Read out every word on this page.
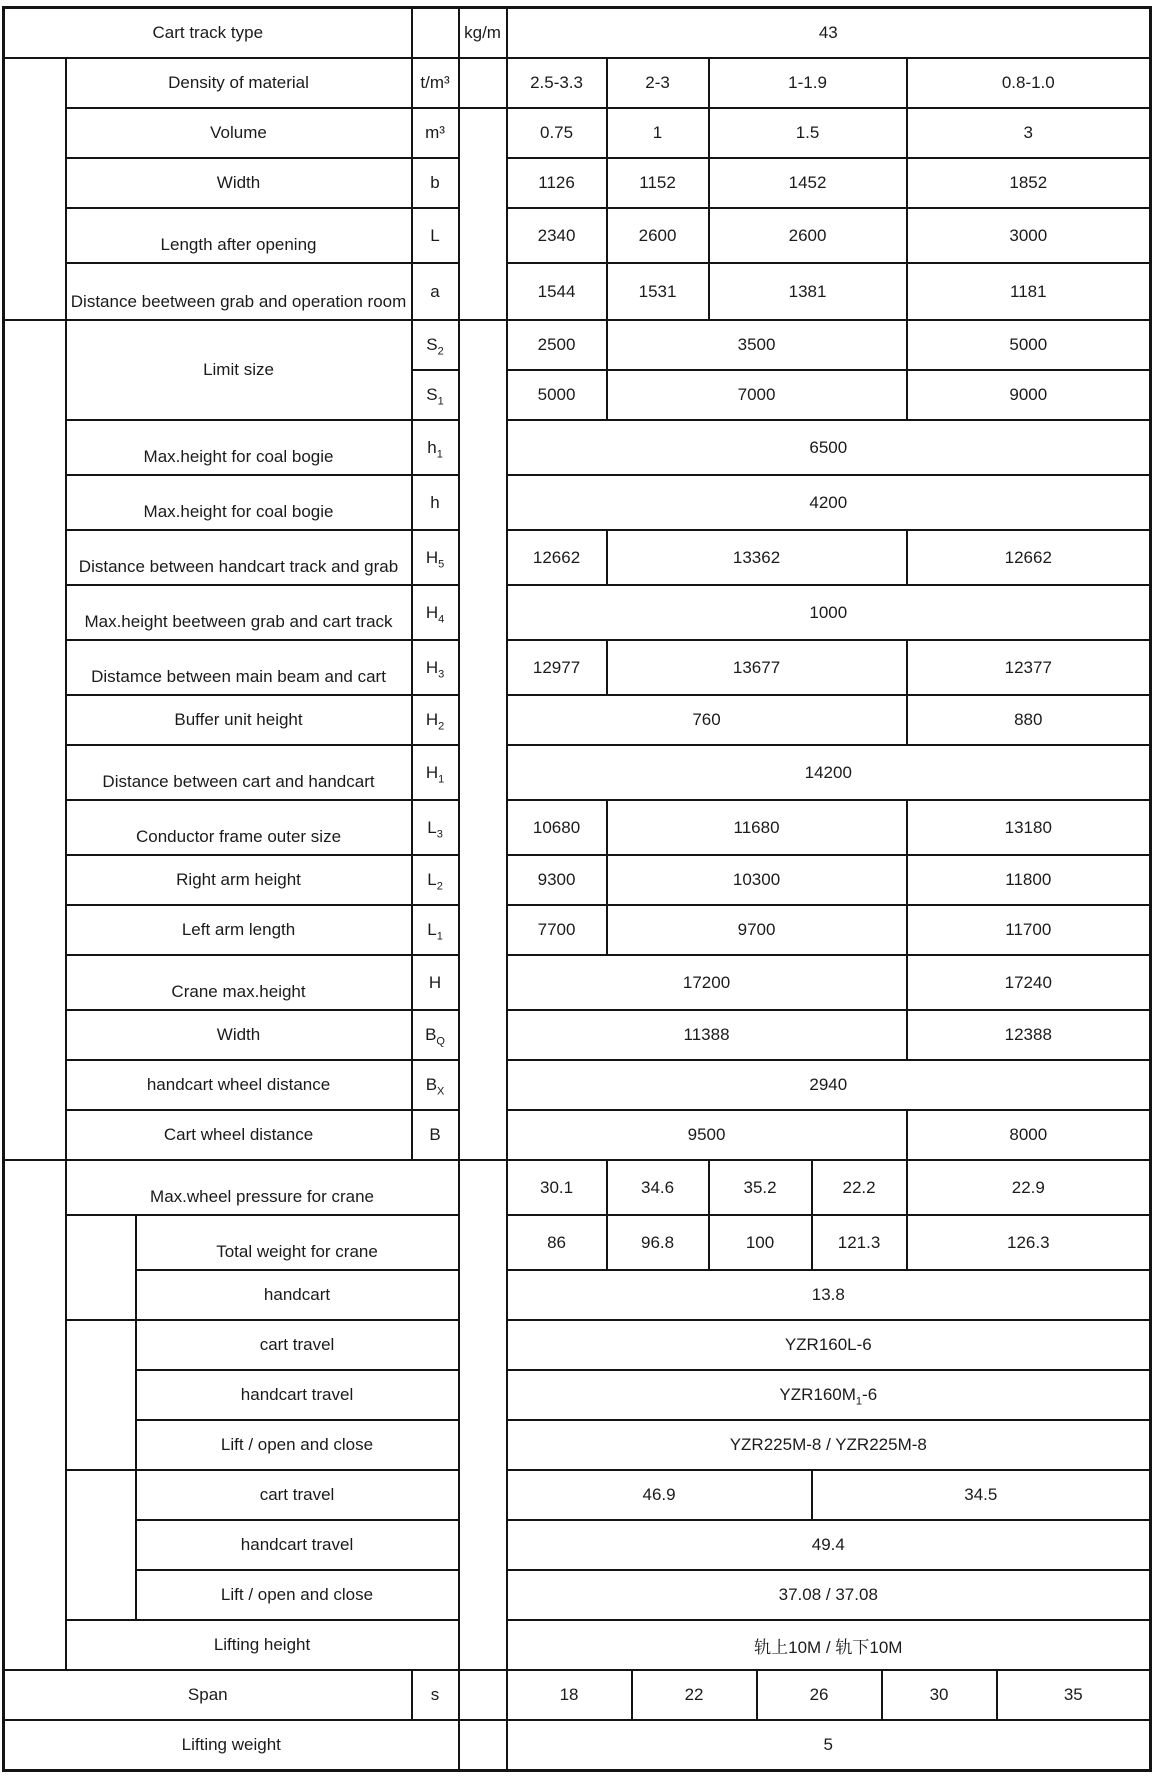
Cart track type				kg/m	43								
	Density of material		t/m³		2.5-3.3	2-3		1-1.9				0.8-1.0	
	Volume		m³		0.75	1		1.5				3	
	Width		b		1126	1152		1452				1852	
	Length after opening		L		2340	2600		2600				3000	
	Distance beetween grab and operation room		a		1544	1531		1381				1181	
	Limit size		$S_2$		2500	3500						5000	
			$S_1$		5000	7000						9000	
	Max.height for coal bogie		$h_1$		6500								
	Max.height for coal bogie		h		4200								
	Distance between handcart track and grab		$H_5$		12662	13362						12662	
	Max.height beetween grab and cart track		$H_4$		1000								
	Distamce between main beam and cart		$H_3$		12977	13677						12377	
	Buffer unit height		$H_2$		760							880	
	Distance between cart and handcart		$H_1$		14200								
	Conductor frame outer size		$L_3$		10680	11680						13180	
	Right arm height		$L_2$		9300	10300						11800	
	Left arm length		$L_1$		7700	9700						11700	
	Crane max.height		H		17200							17240	
	Width		$B_Q$		11388							12388	
	handcart wheel distance		$B_X$		2940								
	Cart wheel distance		B		9500							8000	
	Max.wheel pressure for crane				30.1	34.6		35.2		22.2		22.9	
		Total weight for crane			86	96.8		100		121.3		126.3	
		handcart			13.8								
		cart travel			YZR160L-6								
		handcart travel			$YZR160M_1-6$								
		Lift / open and close			YZR225M-8 / YZR225M-8								
		cart travel			46.9					34.5			
		handcart travel			49.4								
		Lift / open and close			37.08 / 37.08								
	Lifting height				轨上10M / 轨下10M								
Span			s		18		22		26		30		35
Lifting weight					5								
